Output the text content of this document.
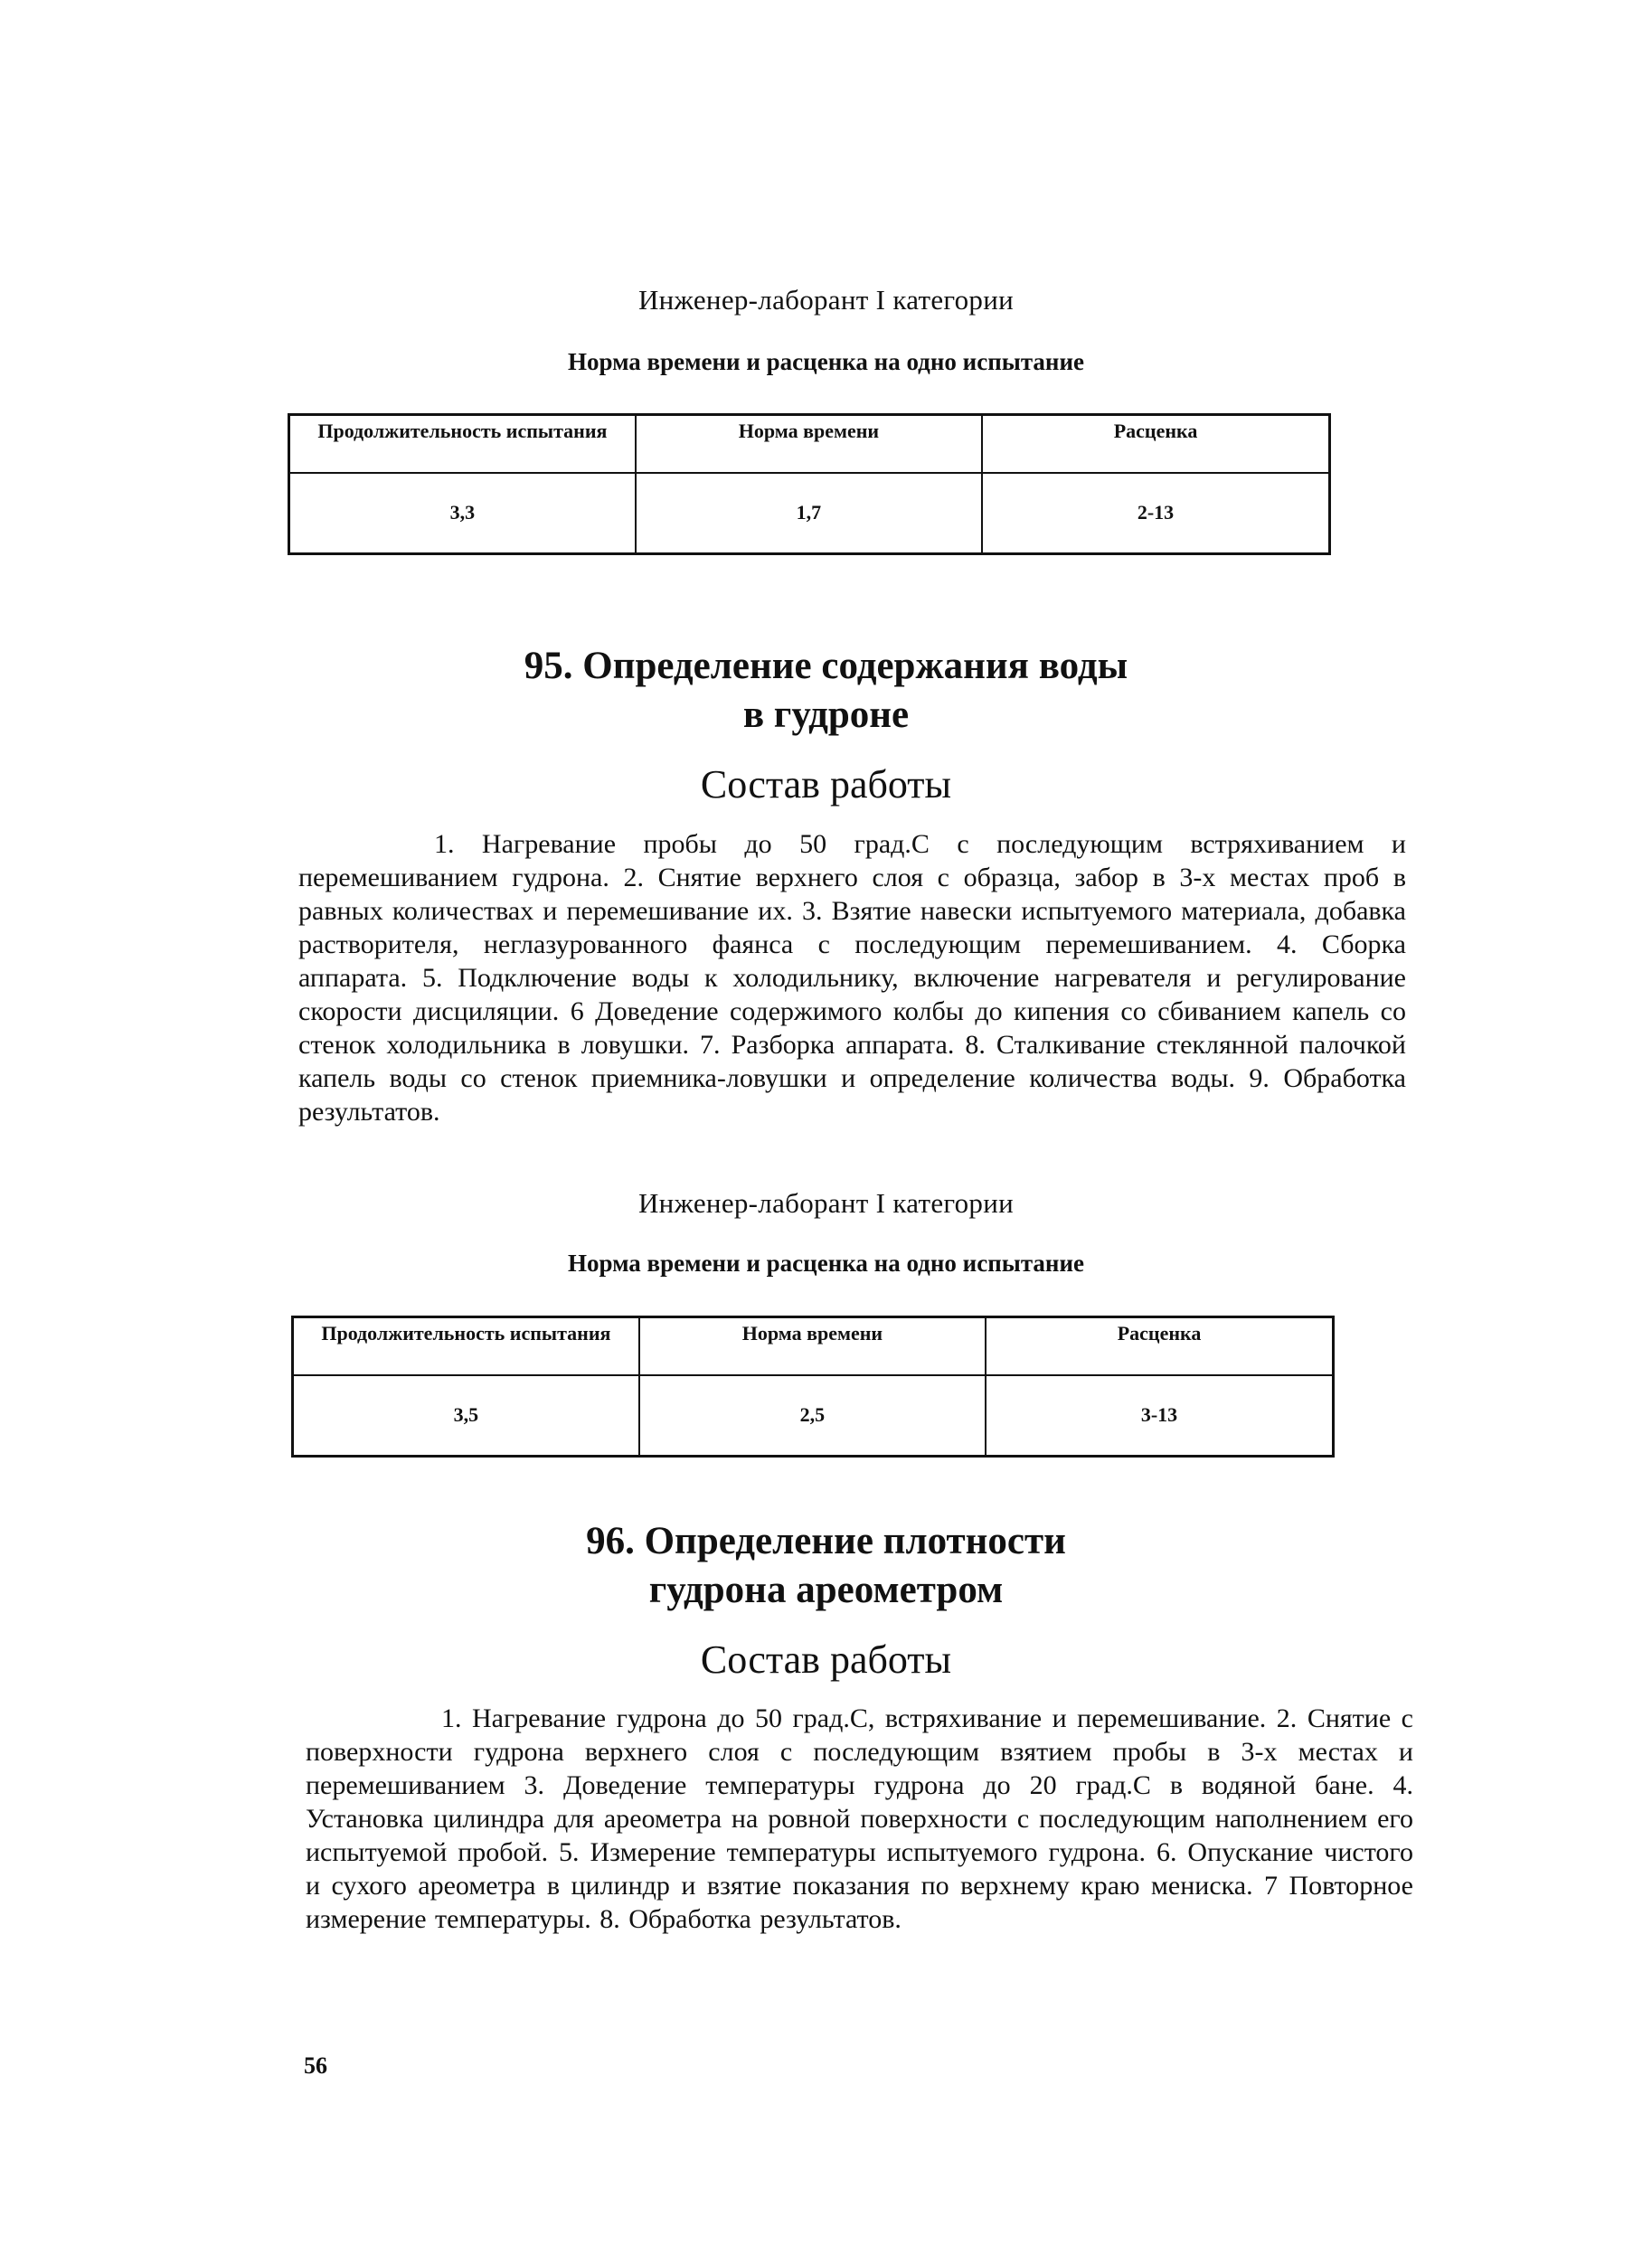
Инженер-лаборант I категории
Норма времени и расценка на одно испытание
Продолжительность испытания	Норма времени	Расценка
3,3	1,7	2-13
95. Определение содержания воды
в гудроне
Состав работы
1. Нагревание пробы до 50 град.С с последующим встряхиванием и перемешиванием гудрона. 2. Снятие верхнего слоя с образца, забор в 3-х местах проб в равных количествах и перемешивание их. 3. Взятие навески испытуемого материала, добавка растворителя, неглазурованного фаянса с последующим перемешиванием. 4. Сборка аппарата. 5. Подключение воды к холодильнику, включение нагревателя и регулирование скорости дисциляции. 6 Доведение содержимого колбы до кипения со сбиванием капель со стенок холодильника в ловушки. 7. Разборка аппарата. 8. Сталкивание стеклянной палочкой капель воды со стенок приемника-ловушки и определение количества воды. 9. Обработка результатов.
Инженер-лаборант I категории
Норма времени и расценка на одно испытание
Продолжительность испытания	Норма времени	Расценка
3,5	2,5	3-13
96. Определение плотности
гудрона ареометром
Состав работы
1. Нагревание гудрона до 50 град.С, встряхивание и перемешивание. 2. Снятие с поверхности гудрона верхнего слоя с последующим взятием пробы в 3-х местах и перемешиванием 3. Доведение температуры гудрона до 20 град.С в водяной бане. 4. Установка цилиндра для ареометра на ровной поверхности с последующим наполнением его испытуемой пробой. 5. Измерение температуры испытуемого гудрона. 6. Опускание чистого и сухого ареометра в цилиндр и взятие показания по верхнему краю мениска. 7 Повторное измерение температуры. 8. Обработка результатов.
56
